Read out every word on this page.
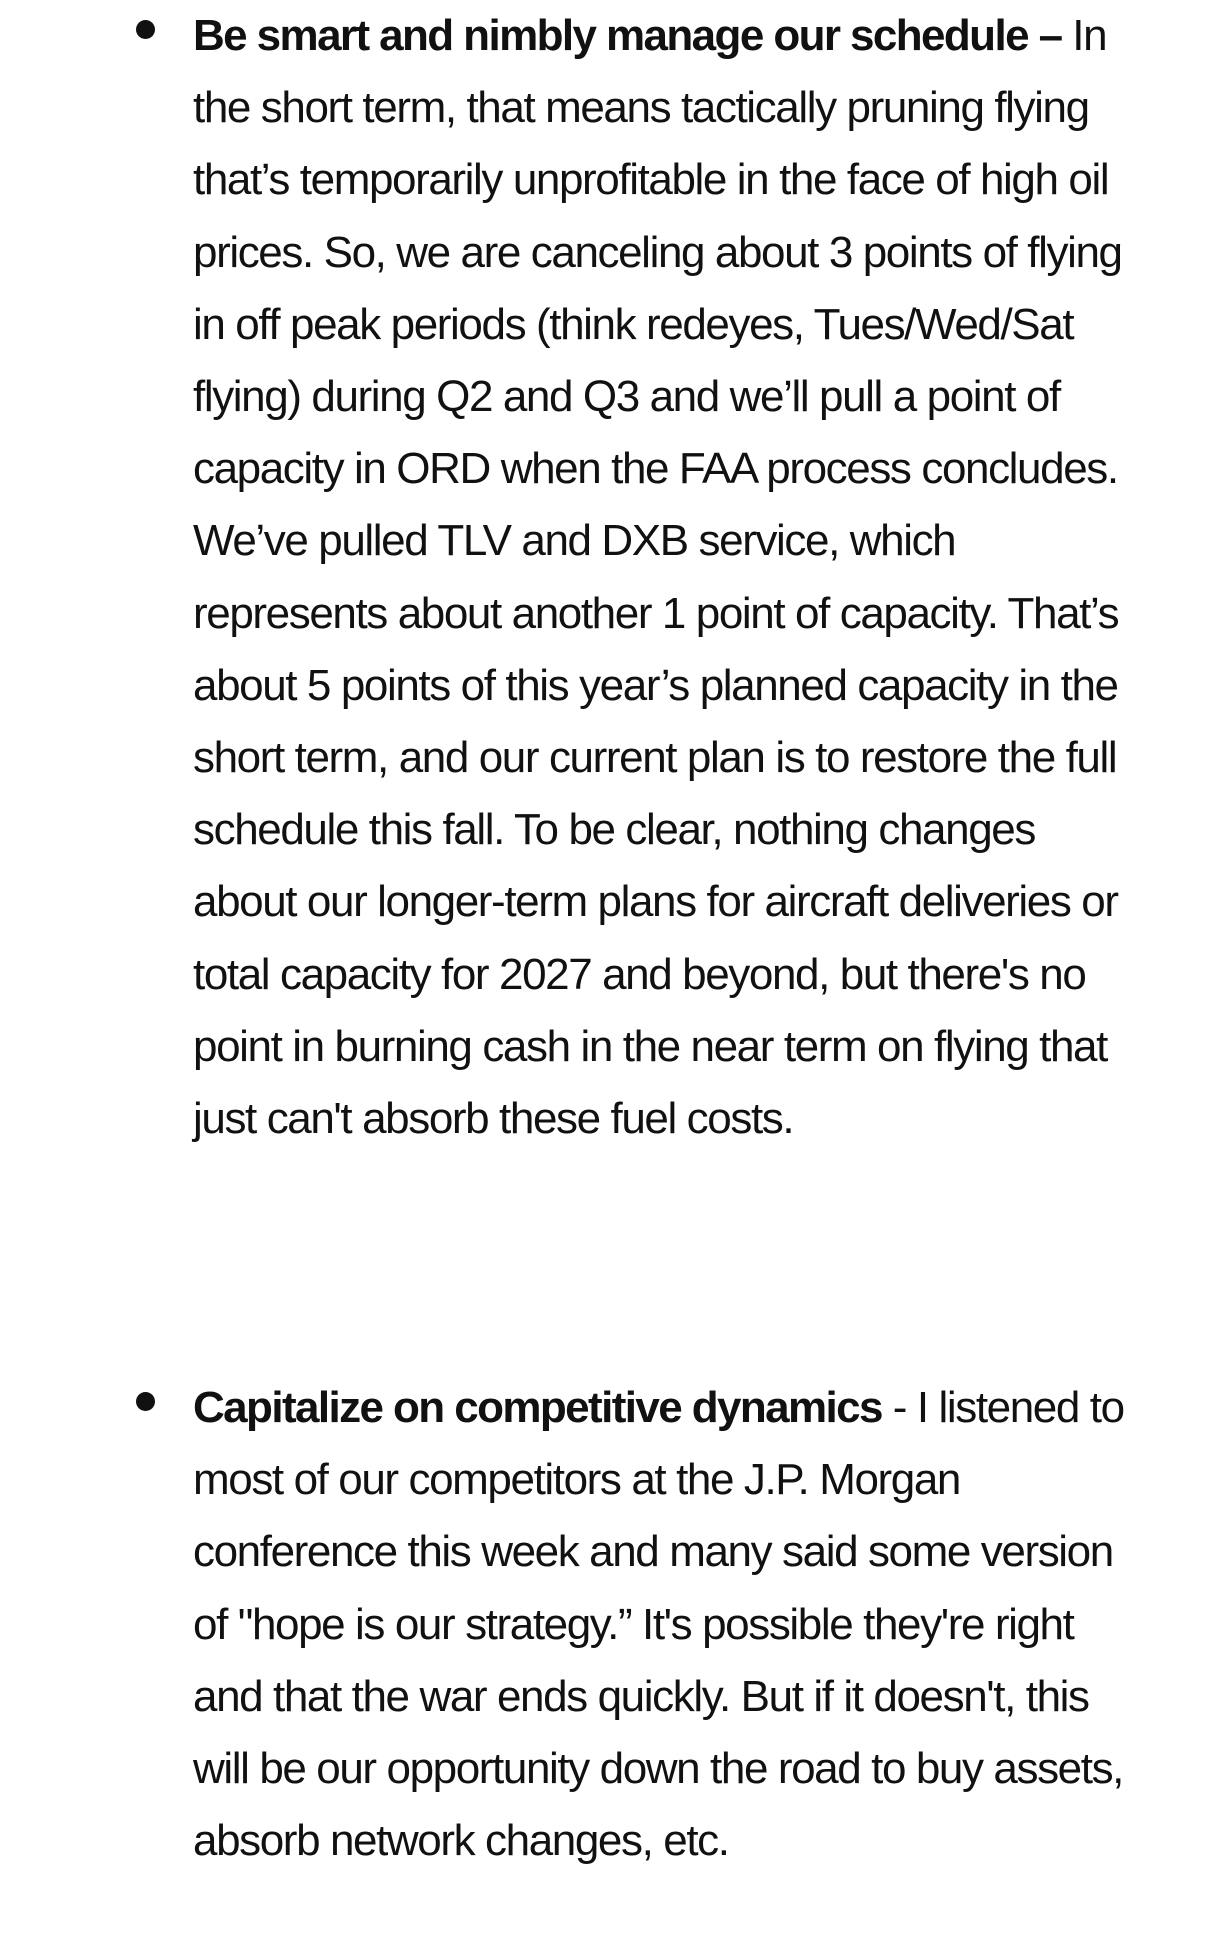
Be smart and nimbly manage our schedule – In the short term, that means tactically pruning flying that’s temporarily unprofitable in the face of high oil prices. So, we are canceling about 3 points of flying in off peak periods (think redeyes, Tues/Wed/Sat flying) during Q2 and Q3 and we’ll pull a point of capacity in ORD when the FAA process concludes. We’ve pulled TLV and DXB service, which represents about another 1 point of capacity. That’s about 5 points of this year’s planned capacity in the short term, and our current plan is to restore the full schedule this fall. To be clear, nothing changes about our longer-term plans for aircraft deliveries or total capacity for 2027 and beyond, but there's no point in burning cash in the near term on flying that just can't absorb these fuel costs.
Capitalize on competitive dynamics - I listened to most of our competitors at the J.P. Morgan conference this week and many said some version of "hope is our strategy.” It's possible they're right and that the war ends quickly. But if it doesn't, this will be our opportunity down the road to buy assets, absorb network changes, etc.
